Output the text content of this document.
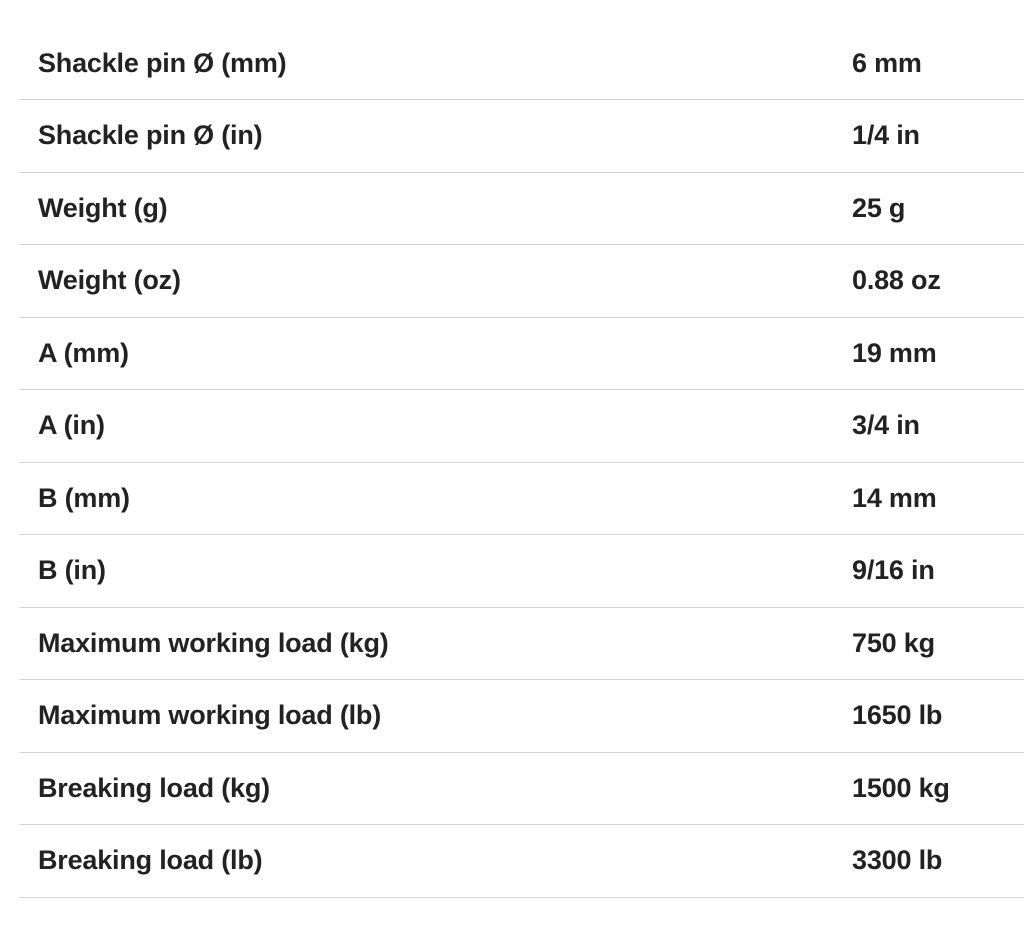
Shackle pin Ø (mm)	6 mm
Shackle pin Ø (in)	1/4 in
Weight (g)	25 g
Weight (oz)	0.88 oz
A (mm)	19 mm
A (in)	3/4 in
B (mm)	14 mm
B (in)	9/16 in
Maximum working load (kg)	750 kg
Maximum working load (lb)	1650 lb
Breaking load (kg)	1500 kg
Breaking load (lb)	3300 lb
